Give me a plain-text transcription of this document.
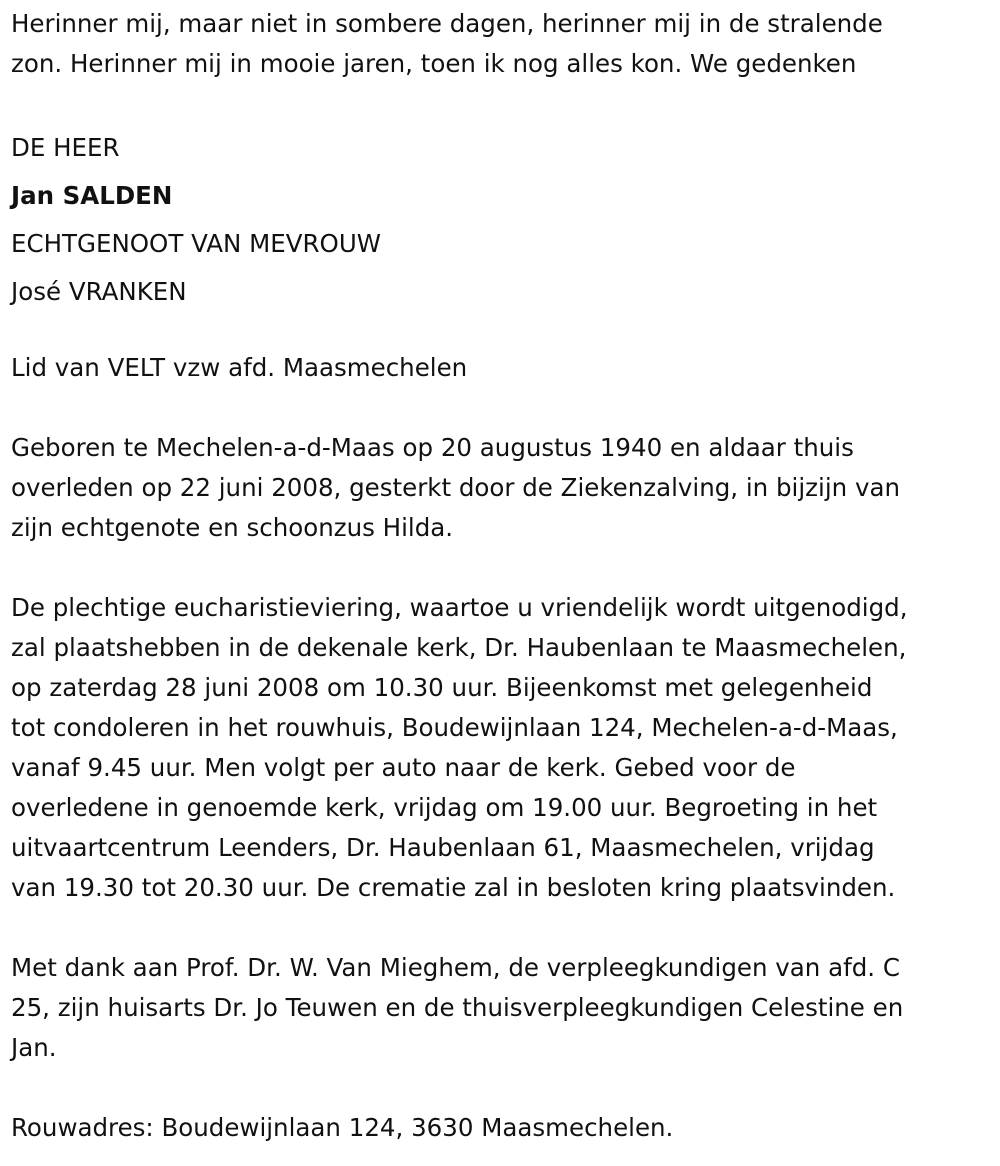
Herinner mij, maar niet in sombere dagen, herinner mij in de stralende
zon. Herinner mij in mooie jaren, toen ik nog alles kon. We gedenken

DE HEER
Jan SALDEN
ECHTGENOOT VAN MEVROUW
José VRANKEN

Lid van VELT vzw afd. Maasmechelen

Geboren te Mechelen-a-d-Maas op 20 augustus 1940 en aldaar thuis
overleden op 22 juni 2008, gesterkt door de Ziekenzalving, in bijzijn van
zijn echtgenote en schoonzus Hilda.

De plechtige eucharistieviering, waartoe u vriendelijk wordt uitgenodigd,
zal plaatshebben in de dekenale kerk, Dr. Haubenlaan te Maasmechelen,
op zaterdag 28 juni 2008 om 10.30 uur. Bijeenkomst met gelegenheid
tot condoleren in het rouwhuis, Boudewijnlaan 124, Mechelen-a-d-Maas,
vanaf 9.45 uur. Men volgt per auto naar de kerk. Gebed voor de
overledene in genoemde kerk, vrijdag om 19.00 uur. Begroeting in het
uitvaartcentrum Leenders, Dr. Haubenlaan 61, Maasmechelen, vrijdag
van 19.30 tot 20.30 uur. De crematie zal in besloten kring plaatsvinden.

Met dank aan Prof. Dr. W. Van Mieghem, de verpleegkundigen van afd. C
25, zijn huisarts Dr. Jo Teuwen en de thuisverpleegkundigen Celestine en
Jan.

Rouwadres: Boudewijnlaan 124, 3630 Maasmechelen.
